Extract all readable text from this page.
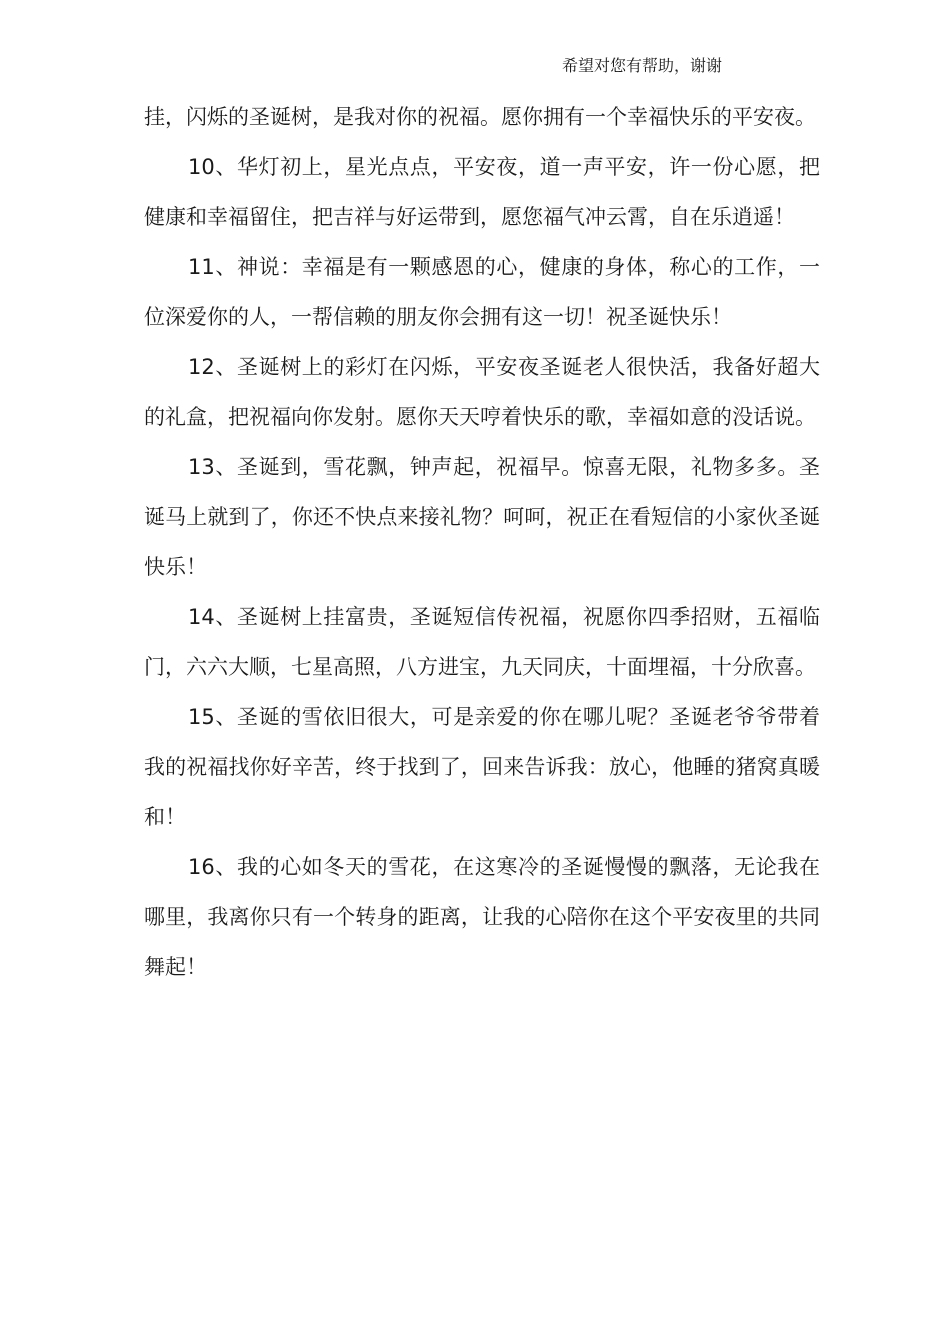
希望对您有帮助，谢谢

挂，闪烁的圣诞树，是我对你的祝福。愿你拥有一个幸福快乐的平安夜。

10、华灯初上，星光点点，平安夜，道一声平安，许一份心愿，把健康和幸福留住，把吉祥与好运带到，愿您福气冲云霄，自在乐逍遥！

11、神说：幸福是有一颗感恩的心，健康的身体，称心的工作，一位深爱你的人，一帮信赖的朋友你会拥有这一切！祝圣诞快乐！

12、圣诞树上的彩灯在闪烁，平安夜圣诞老人很快活，我备好超大的礼盒，把祝福向你发射。愿你天天哼着快乐的歌，幸福如意的没话说。

13、圣诞到，雪花飘，钟声起，祝福早。惊喜无限，礼物多多。圣诞马上就到了，你还不快点来接礼物？呵呵，祝正在看短信的小家伙圣诞快乐！

14、圣诞树上挂富贵，圣诞短信传祝福，祝愿你四季招财，五福临门，六六大顺，七星高照，八方进宝，九天同庆，十面埋福，十分欣喜。

15、圣诞的雪依旧很大，可是亲爱的你在哪儿呢？圣诞老爷爷带着我的祝福找你好辛苦，终于找到了，回来告诉我：放心，他睡的猪窝真暖和！

16、我的心如冬天的雪花，在这寒冷的圣诞慢慢的飘落，无论我在哪里，我离你只有一个转身的距离，让我的心陪你在这个平安夜里的共同舞起！
